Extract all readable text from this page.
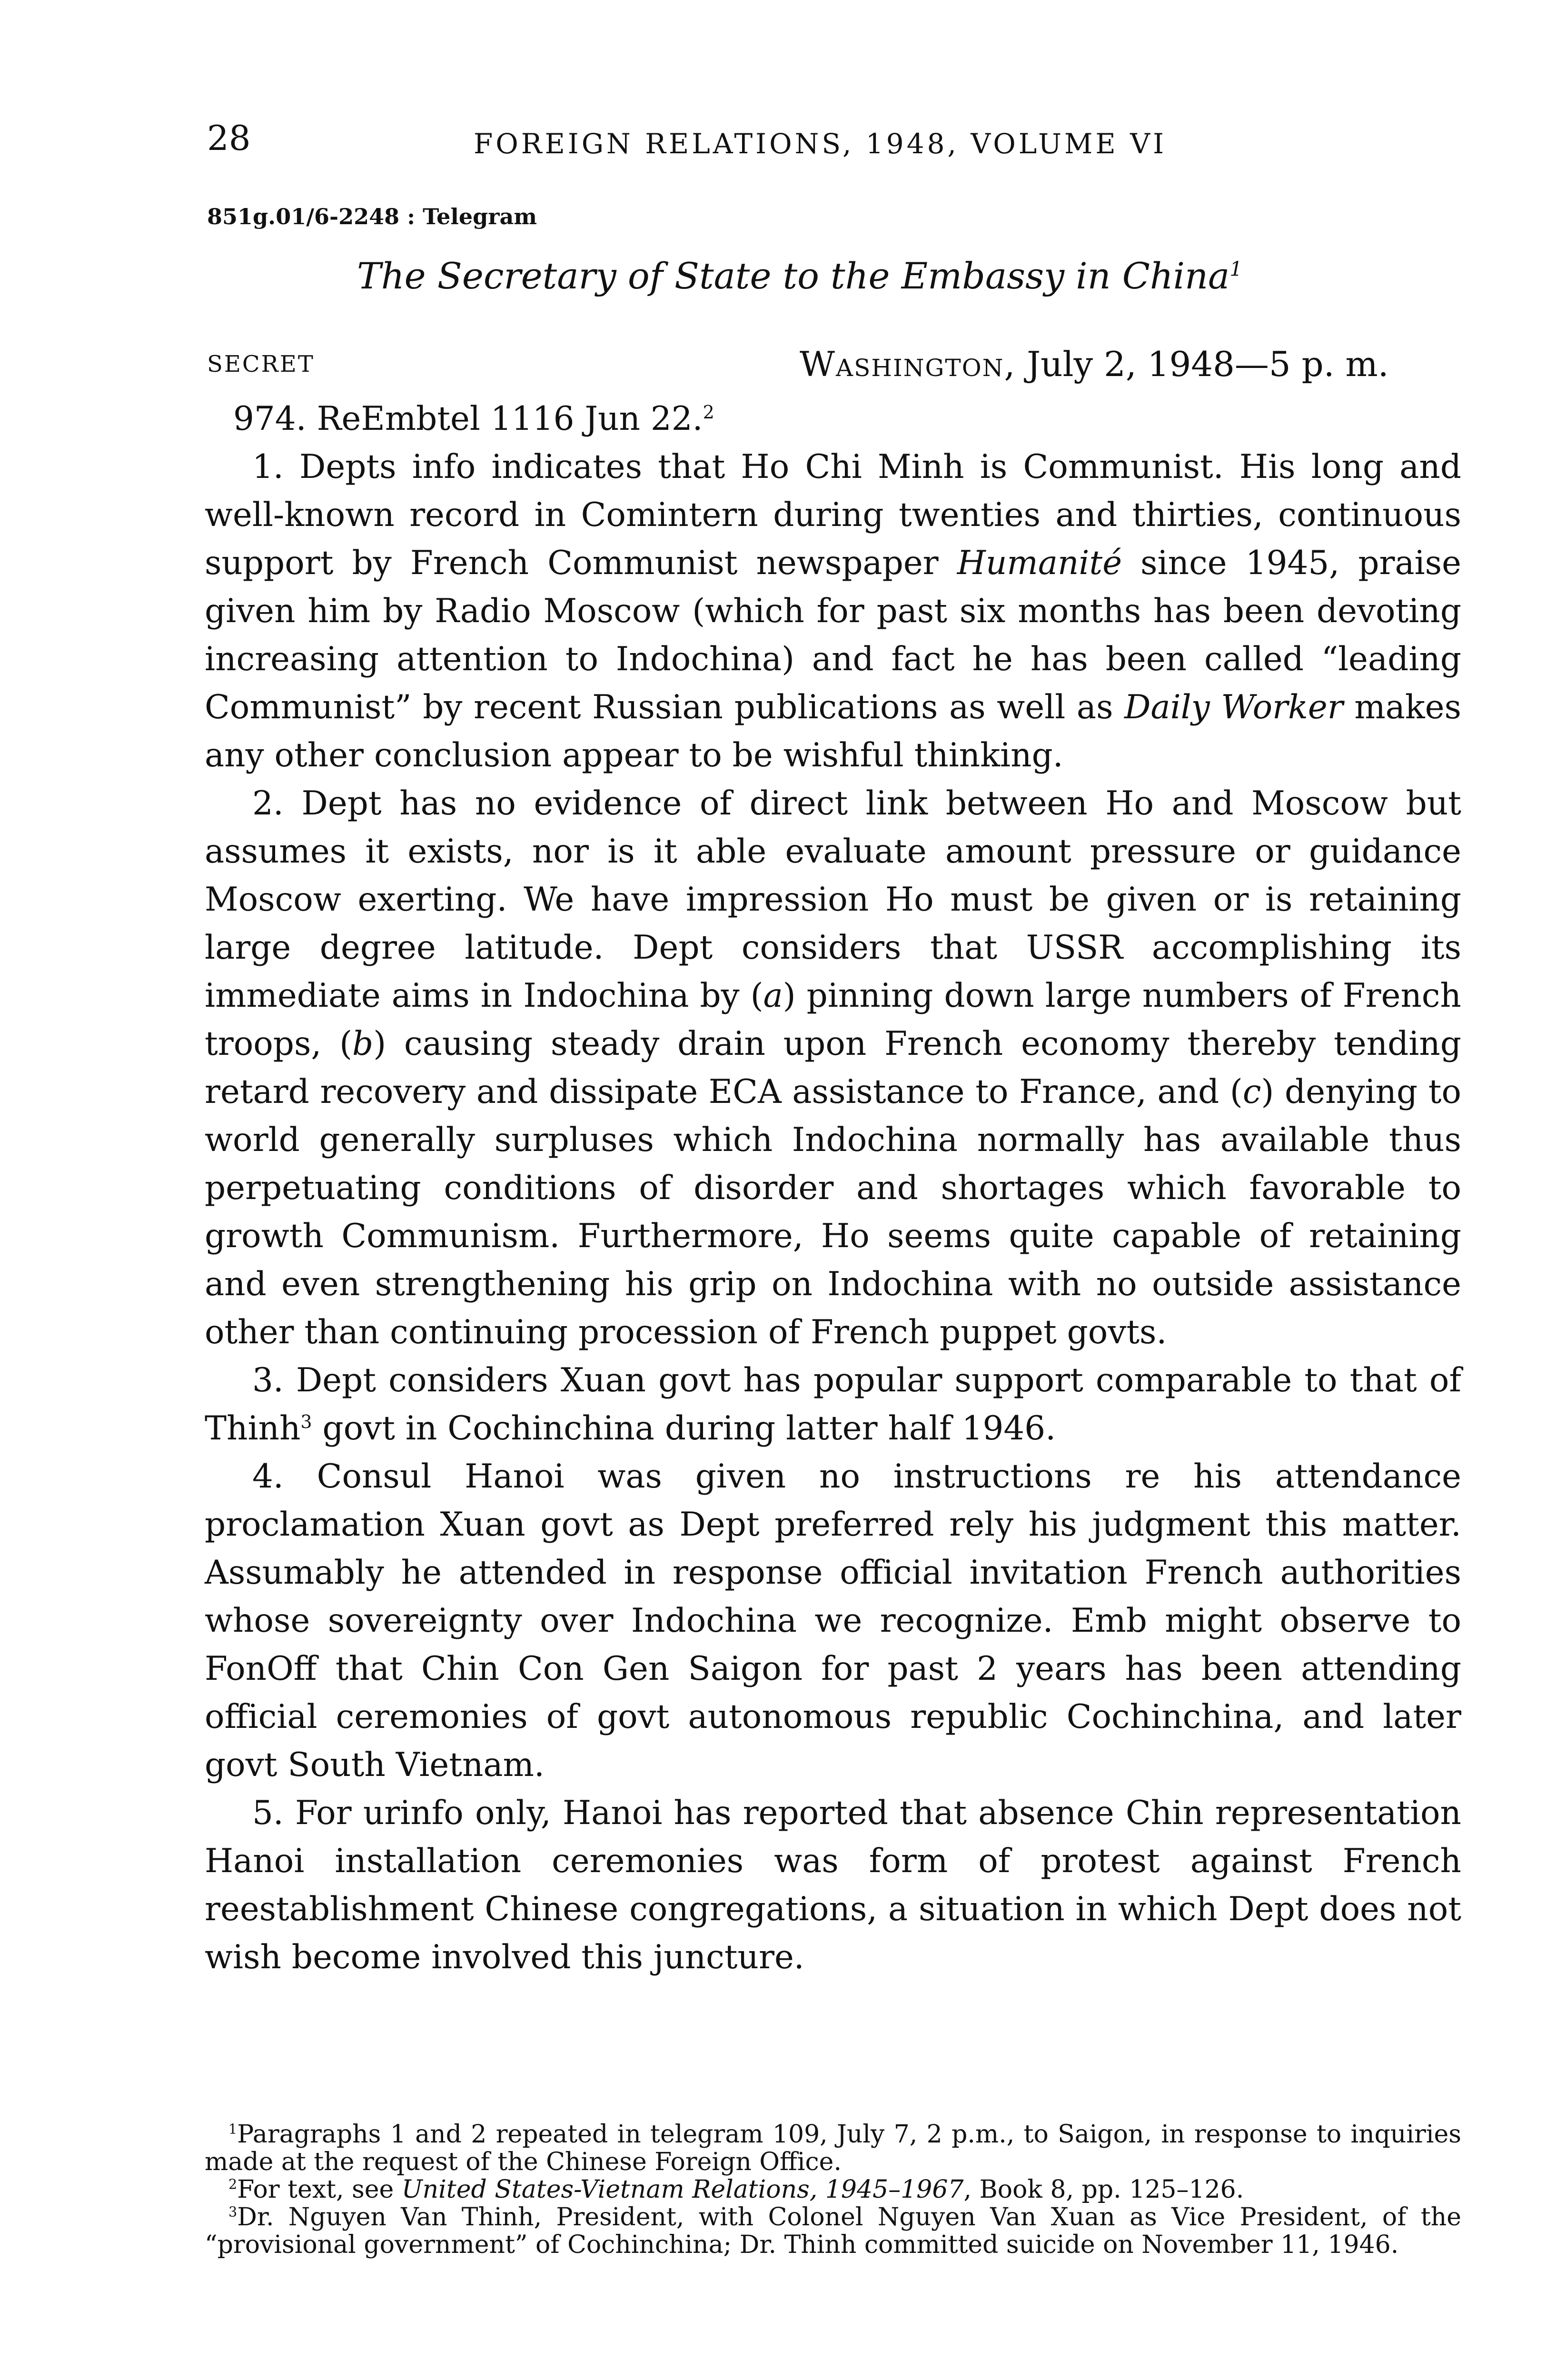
28	FOREIGN RELATIONS, 1948, VOLUME VI
851g.01/6-2248 : Telegram
The Secretary of State to the Embassy in China$^1$
SECRET	Washington, July 2, 1948—5 p. m.

974. ReEmbtel 1116 Jun 22.$^2$

1. Depts info indicates that Ho Chi Minh is Communist. His long and well-known record in Comintern during twenties and thirties, continuous support by French Communist newspaper Humanité since 1945, praise given him by Radio Moscow (which for past six months has been devoting increasing attention to Indochina) and fact he has been called “leading Communist” by recent Russian publications as well as Daily Worker makes any other conclusion appear to be wishful thinking.

2. Dept has no evidence of direct link between Ho and Moscow but assumes it exists, nor is it able evaluate amount pressure or guidance Moscow exerting. We have impression Ho must be given or is retaining large degree latitude. Dept considers that USSR accomplishing its immediate aims in Indochina by (a) pinning down large numbers of French troops, (b) causing steady drain upon French economy thereby tending retard recovery and dissipate ECA assistance to France, and (c) denying to world generally surpluses which Indochina normally has available thus perpetuating conditions of disorder and shortages which favorable to growth Communism. Furthermore, Ho seems quite capable of retaining and even strengthening his grip on Indochina with no outside assistance other than continuing procession of French puppet govts.

3. Dept considers Xuan govt has popular support comparable to that of Thinh$^3$ govt in Cochinchina during latter half 1946.

4. Consul Hanoi was given no instructions re his attendance proclamation Xuan govt as Dept preferred rely his judgment this matter. Assumably he attended in response official invitation French authorities whose sovereignty over Indochina we recognize. Emb might observe to FonOff that Chin Con Gen Saigon for past 2 years has been attending official ceremonies of govt autonomous republic Cochinchina, and later govt South Vietnam.

5. For urinfo only, Hanoi has reported that absence Chin representation Hanoi installation ceremonies was form of protest against French reestablishment Chinese congregations, a situation in which Dept does not wish become involved this juncture.

$^1$Paragraphs 1 and 2 repeated in telegram 109, July 7, 2 p.m., to Saigon, in response to inquiries made at the request of the Chinese Foreign Office.

$^2$For text, see United States-Vietnam Relations, 1945–1967, Book 8, pp. 125–126.

$^3$Dr. Nguyen Van Thinh, President, with Colonel Nguyen Van Xuan as Vice President, of the “provisional government” of Cochinchina; Dr. Thinh committed suicide on November 11, 1946.
